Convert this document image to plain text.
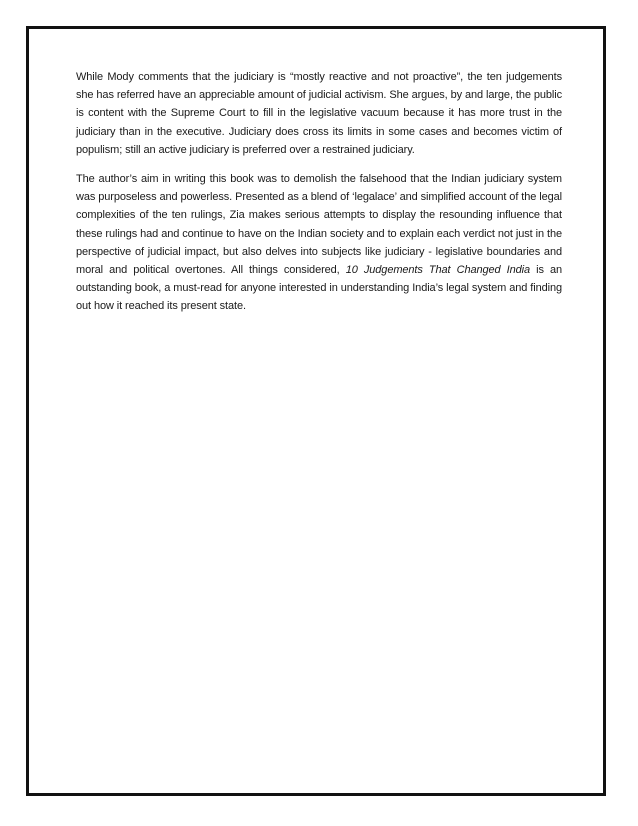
While Mody comments that the judiciary is “mostly reactive and not proactive”, the ten judgements she has referred have an appreciable amount of judicial activism. She argues, by and large, the public is content with the Supreme Court to fill in the legislative vacuum because it has more trust in the judiciary than in the executive. Judiciary does cross its limits in some cases and becomes victim of populism; still an active judiciary is preferred over a restrained judiciary.

The author’s aim in writing this book was to demolish the falsehood that the Indian judiciary system was purposeless and powerless. Presented as a blend of ‘legalace’ and simplified account of the legal complexities of the ten rulings, Zia makes serious attempts to display the resounding influence that these rulings had and continue to have on the Indian society and to explain each verdict not just in the perspective of judicial impact, but also delves into subjects like judiciary - legislative boundaries and moral and political overtones. All things considered, 10 Judgements That Changed India is an outstanding book, a must-read for anyone interested in understanding India’s legal system and finding out how it reached its present state.
